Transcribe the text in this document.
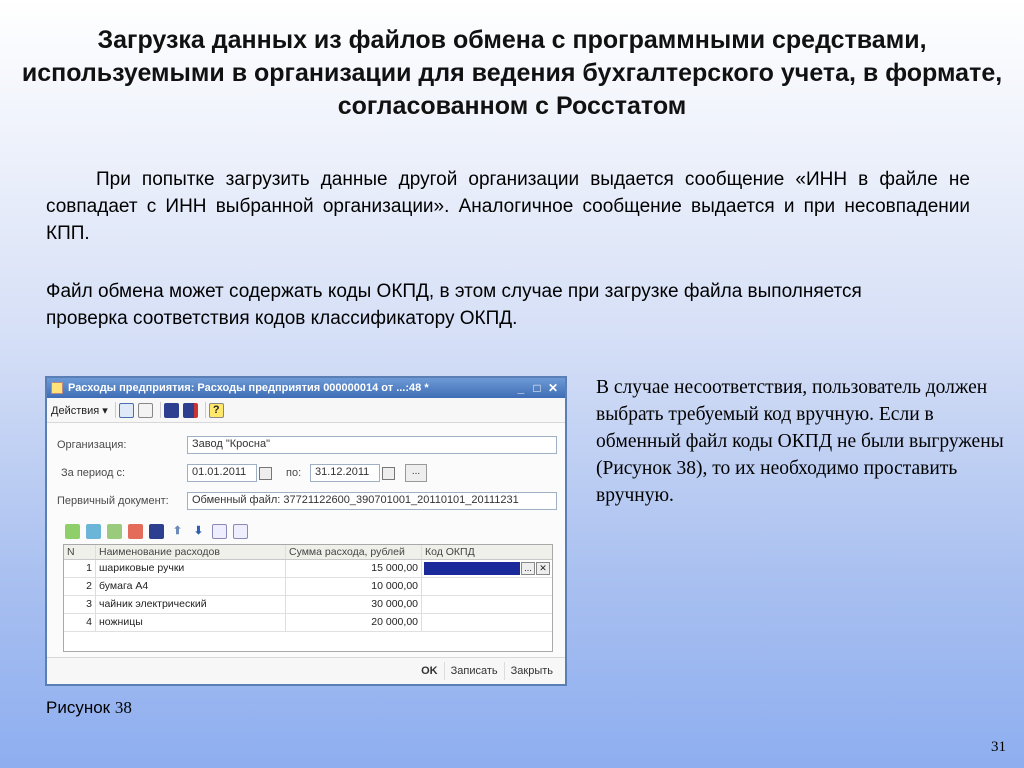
Загрузка данных из файлов обмена с программными средствами, используемыми в организации для ведения бухгалтерского учета, в формате, согласованном с Росстатом
При попытке загрузить данные другой организации выдается сообщение «ИНН в файле не совпадает с ИНН выбранной организации». Аналогичное сообщение выдается и при несовпадении КПП.
Файл обмена может содержать коды ОКПД, в этом случае при загрузке файла выполняется проверка соответствия кодов классификатору ОКПД.
Расходы предприятия: Расходы предприятия 000000014 от ...:48 *	_ □ ✕
Действия ▾	?
Организация:	Завод "Кросна"
За период с:	01.01.2011	по:	31.12.2011	...
Первичный документ:	Обменный файл: 37721122600_390701001_20110101_20111231
⬆ ⬇
N	Наименование расходов	Сумма расхода, рублей	Код ОКПД
1 шариковые ручки	15 000,00	... ✕
2 бумага А4	10 000,00
3 чайник электрический	30 000,00
4 ножницы	20 000,00
OK	Записать	Закрыть
В случае несоответствия, пользователь должен выбрать требуемый код вручную. Если в обменный файл коды ОКПД не были выгружены (Рисунок 38), то их необходимо проставить вручную.
Рисунок 38
31
